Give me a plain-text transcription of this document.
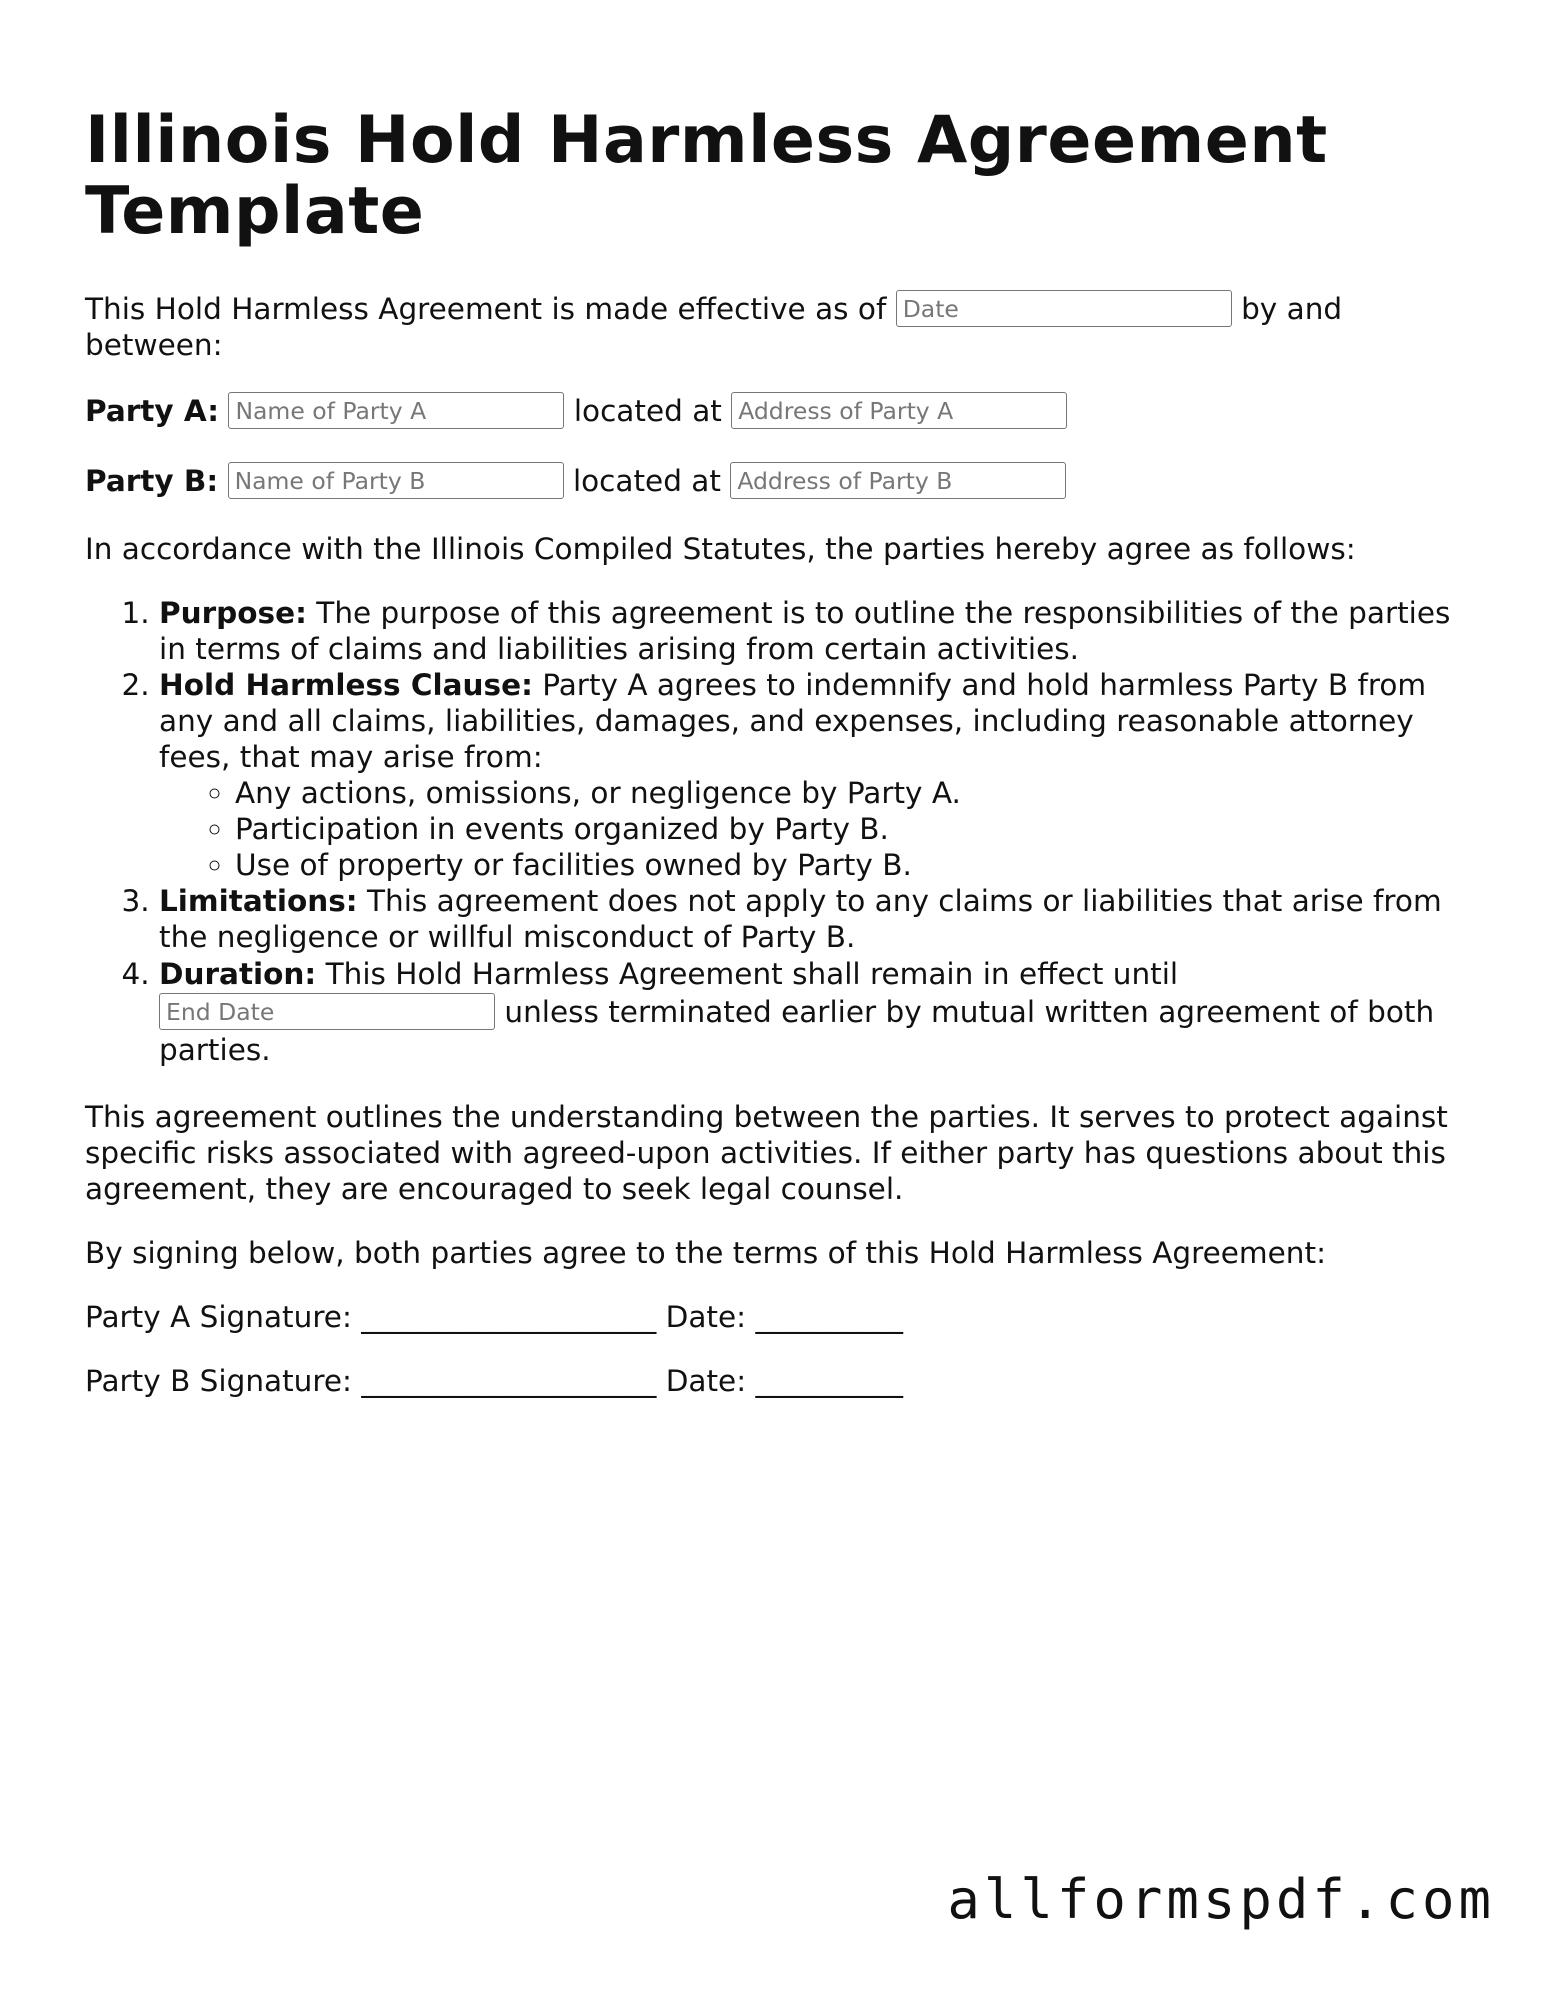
Illinois Hold Harmless Agreement Template

This Hold Harmless Agreement is made effective as of Date	by and between:

Party A: Name of Party A	located at Address of Party A
Party B: Name of Party B	located at Address of Party B

In accordance with the Illinois Compiled Statutes, the parties hereby agree as follows:

1. Purpose: The purpose of this agreement is to outline the responsibilities of the parties in terms of claims and liabilities arising from certain activities.
2. Hold Harmless Clause: Party A agrees to indemnify and hold harmless Party B from any and all claims, liabilities, damages, and expenses, including reasonable attorney fees, that may arise from:
◦ Any actions, omissions, or negligence by Party A.
◦ Participation in events organized by Party B.
◦ Use of property or facilities owned by Party B.
3. Limitations: This agreement does not apply to any claims or liabilities that arise from the negligence or willful misconduct of Party B.
4. Duration: This Hold Harmless Agreement shall remain in effect until End Date unless terminated earlier by mutual written agreement of both parties.

This agreement outlines the understanding between the parties. It serves to protect against specific risks associated with agreed-upon activities. If either party has questions about this agreement, they are encouraged to seek legal counsel.

By signing below, both parties agree to the terms of this Hold Harmless Agreement:

Party A Signature: ____________________ Date: __________

Party B Signature: ____________________ Date: __________

allformspdf.com
